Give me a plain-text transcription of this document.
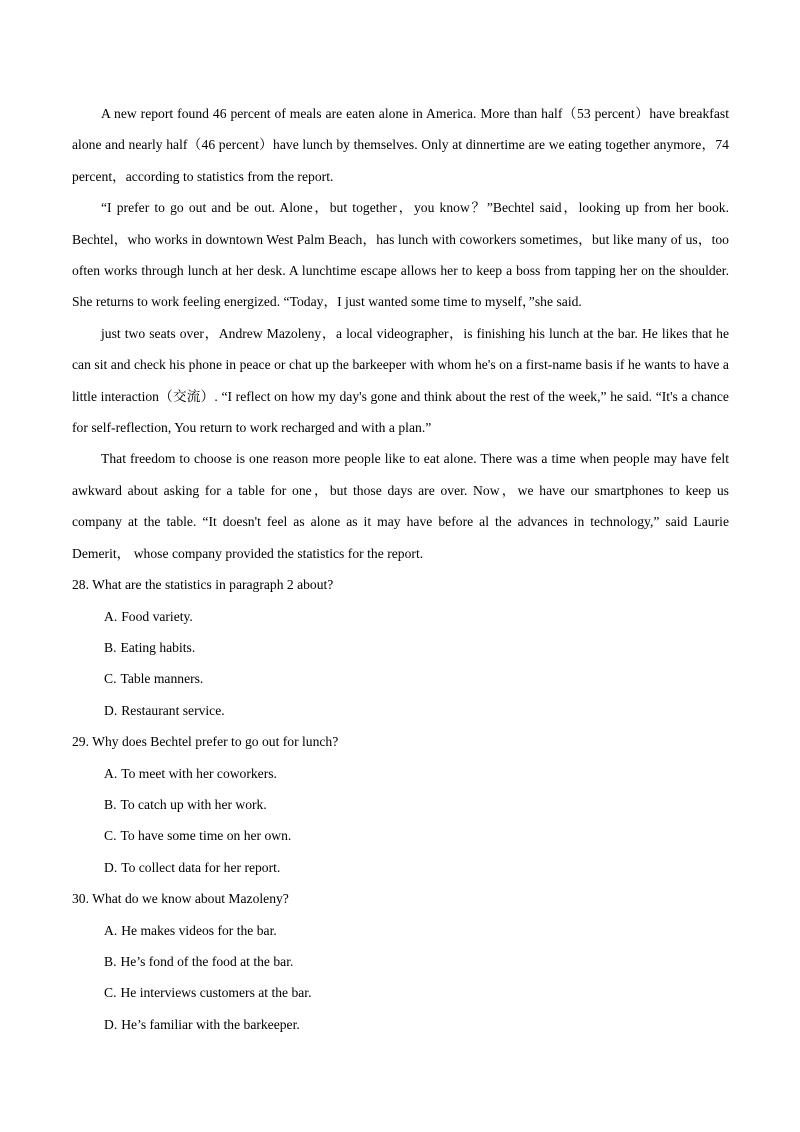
A new report found 46 percent of meals are eaten alone in America. More than half（53 percent）have breakfast alone and nearly half（46 percent）have lunch by themselves. Only at dinnertime are we eating together anymore，74 percent，according to statistics from the report.

“I prefer to go out and be out. Alone，but together，you know？”Bechtel said，looking up from her book. Bechtel，who works in downtown West Palm Beach，has lunch with coworkers sometimes，but like many of us，too often works through lunch at her desk. A lunchtime escape allows her to keep a boss from tapping her on the shoulder. She returns to work feeling energized. “Today，I just wanted some time to myself，”she said.

just two seats over，Andrew Mazoleny，a local videographer，is finishing his lunch at the bar. He likes that he can sit and check his phone in peace or chat up the barkeeper with whom he's on a first-name basis if he wants to have a little interaction（交流）. “I reflect on how my day's gone and think about the rest of the week,” he said. “It's a chance for self-reflection, You return to work recharged and with a plan.”

That freedom to choose is one reason more people like to eat alone. There was a time when people may have felt awkward about asking for a table for one，but those days are over. Now，we have our smartphones to keep us company at the table. “It doesn't feel as alone as it may have before al the advances in technology,” said Laurie Demerit， whose company provided the statistics for the report.

28. What are the statistics in paragraph 2 about?

A. Food variety.
B. Eating habits.
C. Table manners.
D. Restaurant service.

29. Why does Bechtel prefer to go out for lunch?

A. To meet with her coworkers.
B. To catch up with her work.
C. To have some time on her own.
D. To collect data for her report.

30. What do we know about Mazoleny?

A. He makes videos for the bar.
B. He’s fond of the food at the bar.
C. He interviews customers at the bar.
D. He’s familiar with the barkeeper.
